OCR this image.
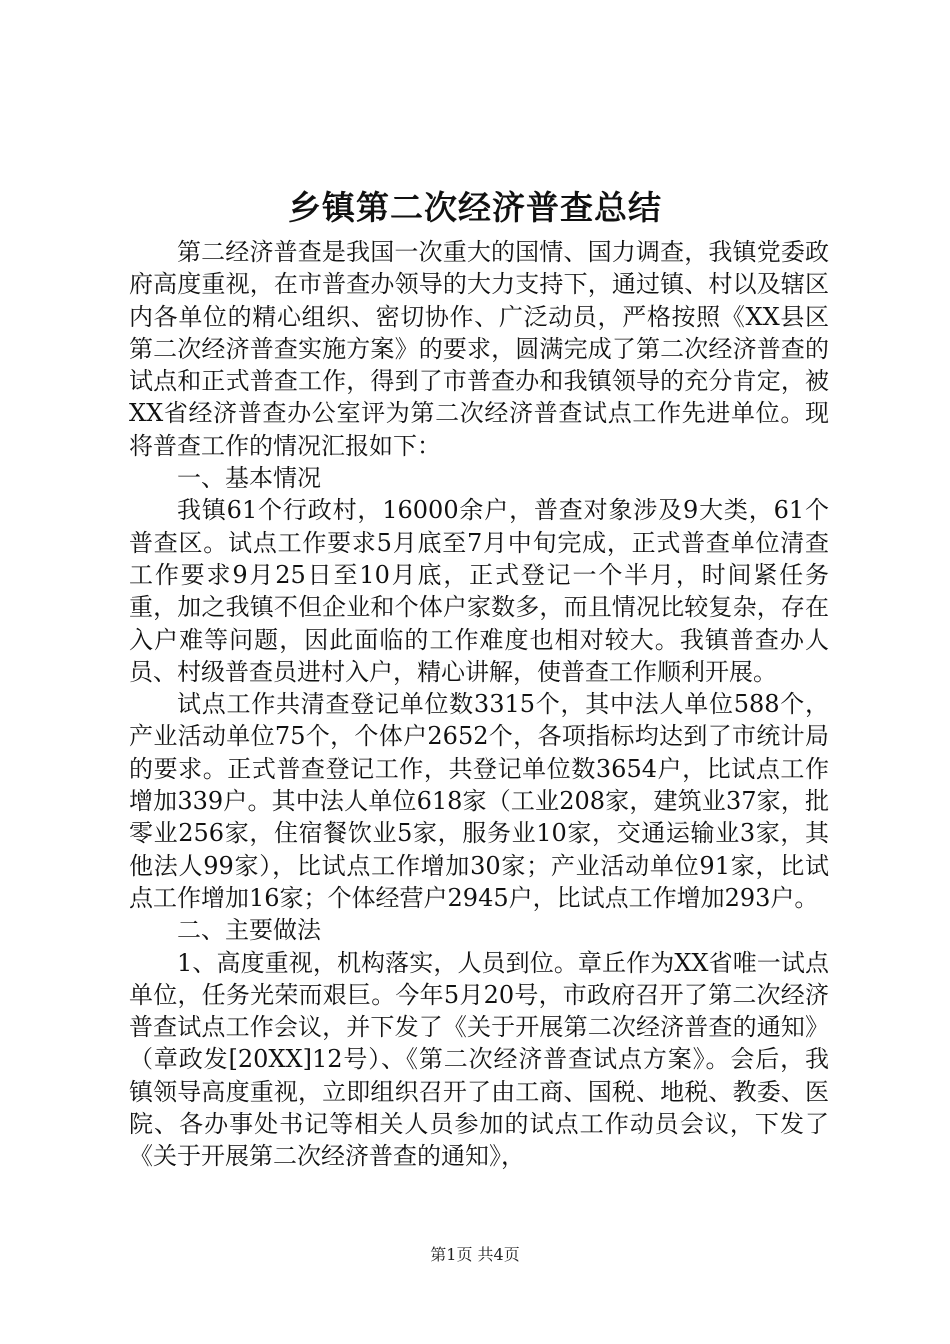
乡镇第二次经济普查总结

第二经济普查是我国一次重大的国情、国力调查，我镇党委政府高度重视，在市普查办领导的大力支持下，通过镇、村以及辖区内各单位的精心组织、密切协作、广泛动员，严格按照《XX县区第二次经济普查实施方案》的要求，圆满完成了第二次经济普查的试点和正式普查工作，得到了市普查办和我镇领导的充分肯定，被XX省经济普查办公室评为第二次经济普查试点工作先进单位。现将普查工作的情况汇报如下：

一、基本情况

我镇61个行政村，16000余户，普查对象涉及9大类，61个普查区。试点工作要求5月底至7月中旬完成，正式普查单位清查工作要求9月25日至10月底，正式登记一个半月，时间紧任务重，加之我镇不但企业和个体户家数多，而且情况比较复杂，存在入户难等问题，因此面临的工作难度也相对较大。我镇普查办人员、村级普查员进村入户，精心讲解，使普查工作顺利开展。

试点工作共清查登记单位数3315个，其中法人单位588个，产业活动单位75个，个体户2652个，各项指标均达到了市统计局的要求。正式普查登记工作，共登记单位数3654户，比试点工作增加339户。其中法人单位618家（工业208家，建筑业37家，批零业256家，住宿餐饮业5家，服务业10家，交通运输业3家，其他法人99家），比试点工作增加30家；产业活动单位91家，比试点工作增加16家；个体经营户2945户，比试点工作增加293户。

二、主要做法

1、高度重视，机构落实，人员到位。章丘作为XX省唯一试点单位，任务光荣而艰巨。今年5月20号，市政府召开了第二次经济普查试点工作会议，并下发了《关于开展第二次经济普查的通知》（章政发[20XX]12号）、《第二次经济普查试点方案》。会后，我镇领导高度重视，立即组织召开了由工商、国税、地税、教委、医院、各办事处书记等相关人员参加的试点工作动员会议，下发了《关于开展第二次经济普查的通知》，

第1页 共4页
